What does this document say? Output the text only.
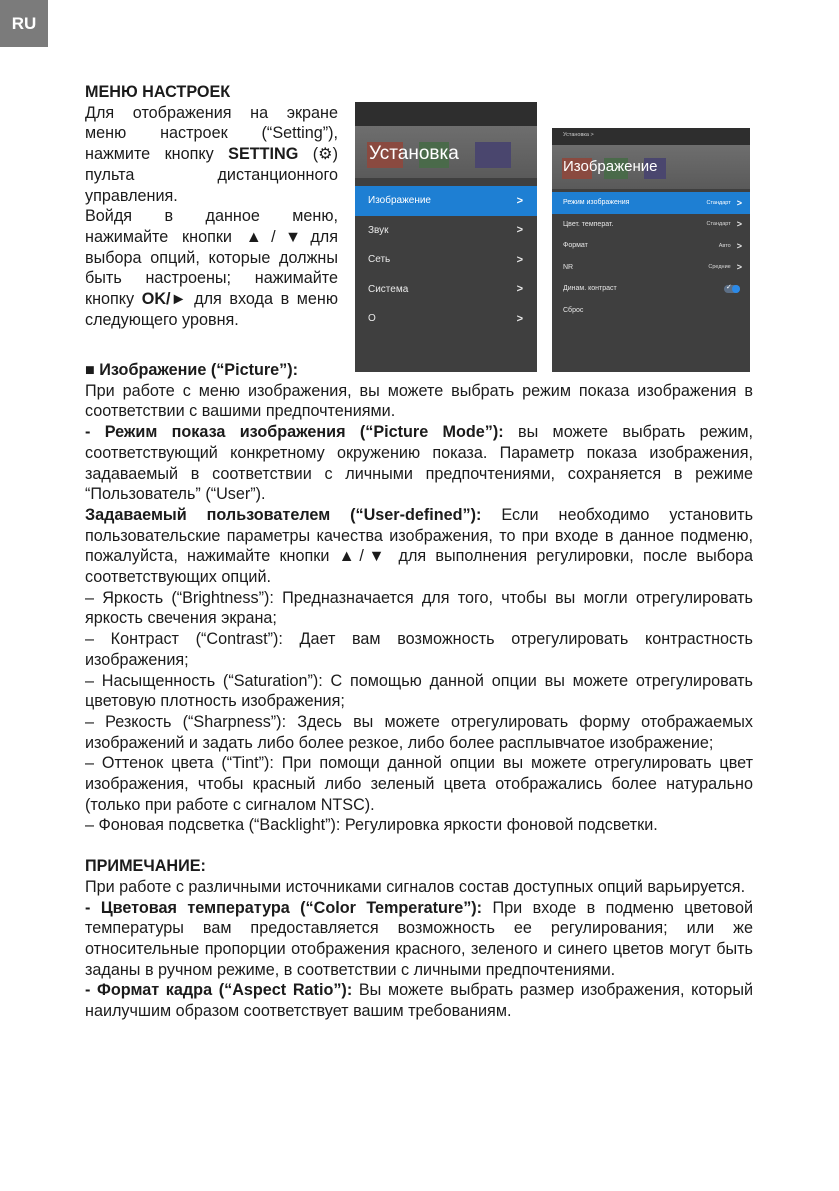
RU

МЕНЮ НАСТРОЕК

Для отображения на экране меню настроек (“Setting”), нажмите кнопку SETTING (⚙) пульта дистанционного управления.

Войдя в данное меню, нажимайте кнопки ▲/▼для выбора опций, которые должны быть настроены; нажимайте кнопку OK/► для входа в меню следующего уровня.

Установка
Изображение	>
Звук	>
Сеть	>
Система	>
О	>
Установка >
Изображение
Режим изображения	Стандарт >
Цвет. температ.	Стандарт >
Формат	Авто >
NR	Средние >
Динам. контраст	✓
Сброс

■ Изображение (“Picture”):

При работе с меню изображения, вы можете выбрать режим показа изображения в соответствии с вашими предпочтениями.

- Режим показа изображения (“Picture Mode”): вы можете выбрать режим, соответствующий конкретному окружению показа. Параметр показа изображения, задаваемый в соответствии с личными предпочтениями, сохраняется в режиме “Пользователь” (“User”).

Задаваемый пользователем (“User-defined”): Если необходимо установить пользовательские параметры качества изображения, то при входе в данное подменю, пожалуйста, нажимайте кнопки ▲/▼ для выполнения регулировки, после выбора соответствующих опций.

– Яркость (“Brightness”): Предназначается для того, чтобы вы могли отрегулировать яркость свечения экрана;

– Контраст (“Contrast”): Дает вам возможность отрегулировать контрастность изображения;

– Насыщенность (“Saturation”): С помощью данной опции вы можете отрегулировать цветовую плотность изображения;

– Резкость (“Sharpness”): Здесь вы можете отрегулировать форму отображаемых изображений и задать либо более резкое, либо более расплывчатое изображение;

– Оттенок цвета (“Tint”): При помощи данной опции вы можете отрегулировать цвет изображения, чтобы красный либо зеленый цвета отображались более натурально (только при работе с сигналом NTSC).

– Фоновая подсветка (“Backlight”): Регулировка яркости фоновой подсветки.

ПРИМЕЧАНИЕ:

При работе с различными источниками сигналов состав доступных опций варьируется.

- Цветовая температура (“Color Temperature”): При входе в подменю цветовой температуры вам предоставляется возможность ее регулирования; или же относительные пропорции отображения красного, зеленого и синего цветов могут быть заданы в ручном режиме, в соответствии с личными предпочтениями.

- Формат кадра (“Aspect Ratio”): Вы можете выбрать размер изображения, который наилучшим образом соответствует вашим требованиям.
